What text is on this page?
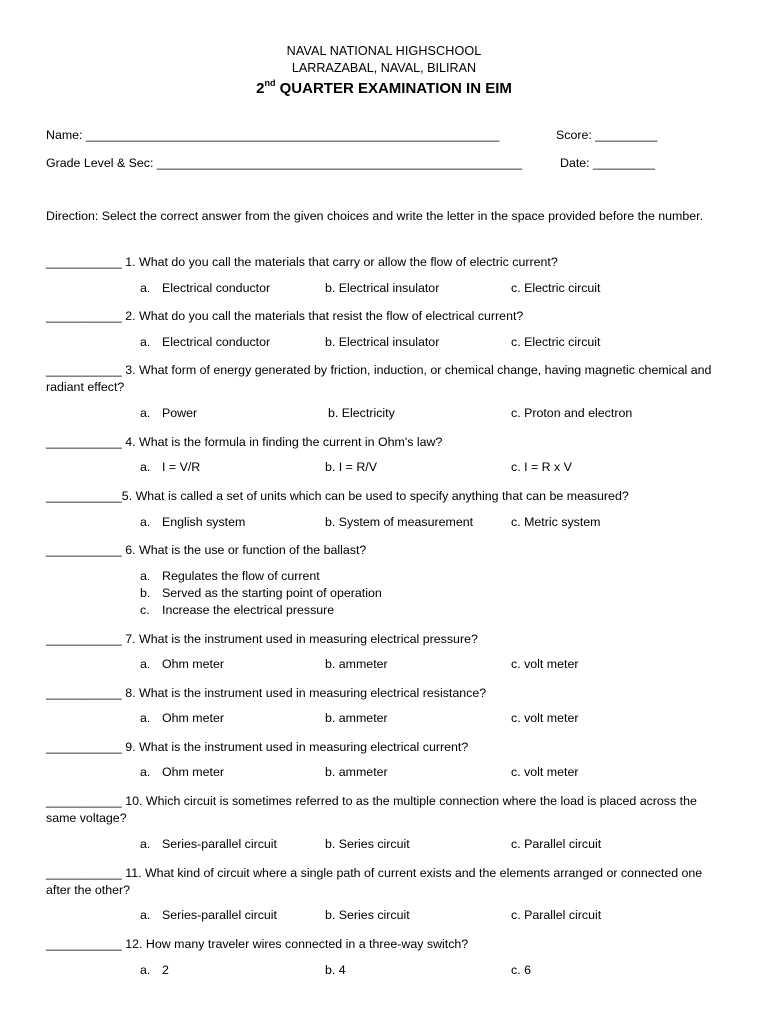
NAVAL NATIONAL HIGHSCHOOL
LARRAZABAL, NAVAL, BILIRAN
2nd QUARTER EXAMINATION IN EIM
Name: ____________________________________________________________	Score: _________
Grade Level & Sec: _____________________________________________________	Date: _________
Direction: Select the correct answer from the given choices and write the letter in the space provided before the number.
___________ 1. What do you call the materials that carry or allow the flow of electric current?
a. Electrical conductor	b. Electrical insulator	c. Electric circuit
___________ 2. What do you call the materials that resist the flow of electrical current?
a. Electrical conductor	b. Electrical insulator	c. Electric circuit
___________ 3. What form of energy generated by friction, induction, or chemical change, having magnetic chemical and radiant effect?
a. Power	b. Electricity	c. Proton and electron
___________ 4. What is the formula in finding the current in Ohm's law?
a. I = V/R	b. I = R/V	c. I = R x V
___________5. What is called a set of units which can be used to specify anything that can be measured?
a. English system	b. System of measurement	c. Metric system
___________ 6. What is the use or function of the ballast?
a. Regulates the flow of current
b. Served as the starting point of operation
c. Increase the electrical pressure
___________ 7. What is the instrument used in measuring electrical pressure?
a. Ohm meter	b. ammeter	c. volt meter
___________ 8. What is the instrument used in measuring electrical resistance?
a. Ohm meter	b. ammeter	c. volt meter
___________ 9. What is the instrument used in measuring electrical current?
a. Ohm meter	b. ammeter	c. volt meter
___________ 10. Which circuit is sometimes referred to as the multiple connection where the load is placed across the same voltage?
a. Series-parallel circuit	b. Series circuit	c. Parallel circuit
___________ 11. What kind of circuit where a single path of current exists and the elements arranged or connected one after the other?
a. Series-parallel circuit	b. Series circuit	c. Parallel circuit
___________ 12. How many traveler wires connected in a three-way switch?
a. 2	b. 4	c. 6
